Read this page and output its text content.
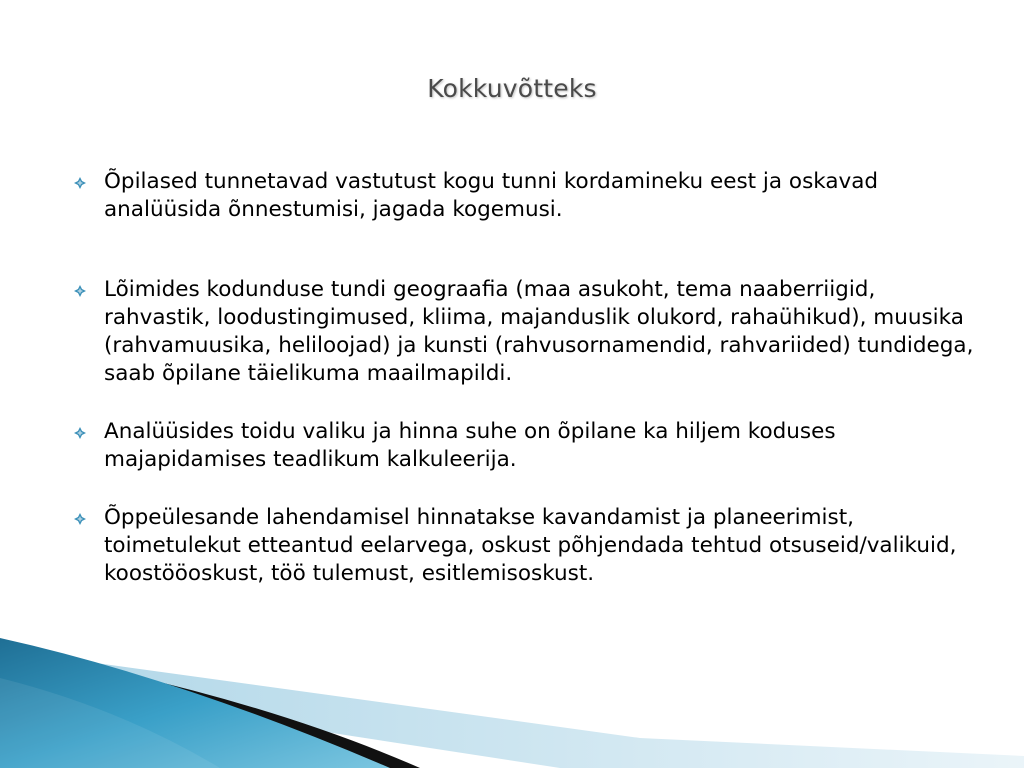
Kokkuvõtteks
Õpilased tunnetavad vastutust kogu tunni kordamineku eest ja oskavad analüüsida õnnestumisi, jagada kogemusi.
Lõimides kodunduse tundi geograafia (maa asukoht, tema naaberriigid, rahvastik, loodustingimused, kliima, majanduslik olukord, rahaühikud), muusika (rahvamuusika, heliloojad) ja kunsti (rahvusornamendid, rahvariided) tundidega, saab õpilane täielikuma maailmapildi.
Analüüsides toidu valiku ja hinna suhe on õpilane ka hiljem koduses majapidamises teadlikum kalkuleerija.
Õppeülesande lahendamisel hinnatakse kavandamist ja planeerimist, toimetulekut etteantud eelarvega, oskust põhjendada tehtud otsuseid/valikuid, koostööoskust, töö tulemust, esitlemisoskust.
